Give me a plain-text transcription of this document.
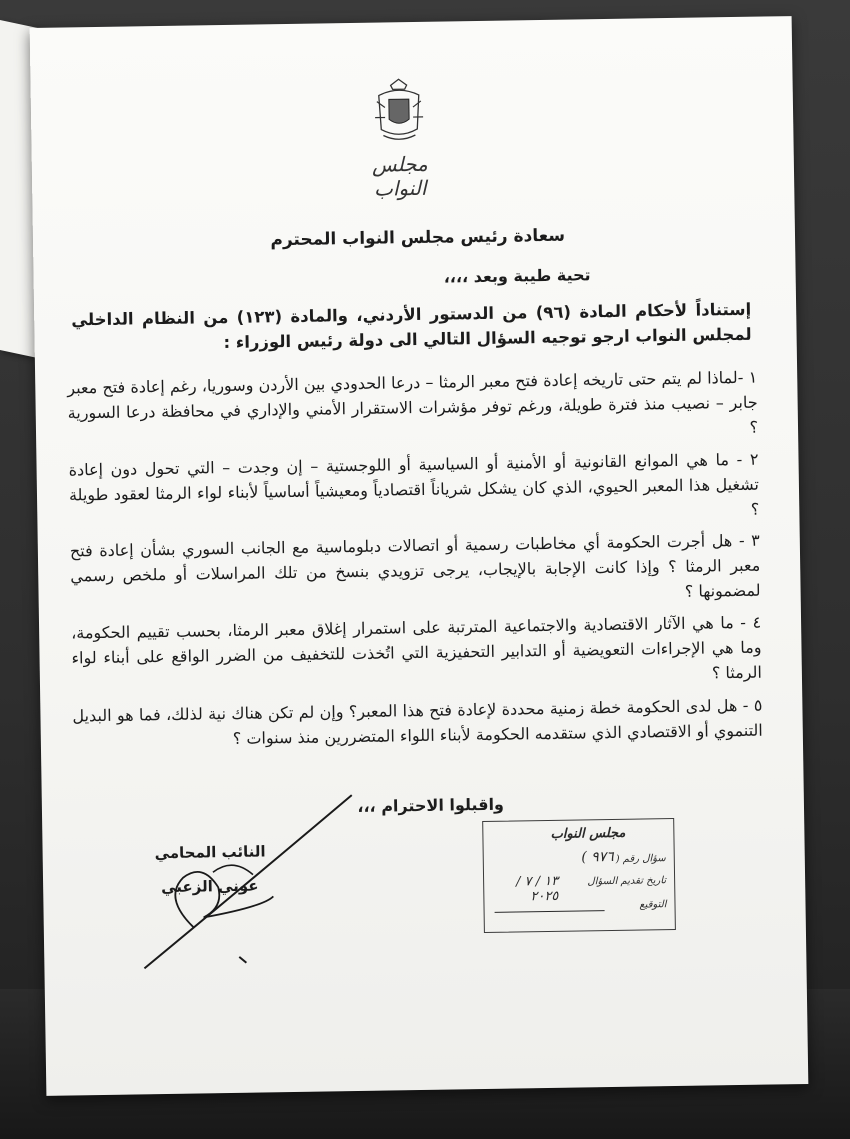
مجلس النواب
سعادة رئيس مجلس النواب المحترم
تحية طيبة وبعد ،،،،
إستناداً لأحكام المادة (٩٦) من الدستور الأردني، والمادة (١٢٣) من النظام الداخلي لمجلس النواب ارجو توجيه السؤال التالي الى دولة رئيس الوزراء :
١ -لماذا لم يتم حتى تاريخه إعادة فتح معبر الرمثا – درعا الحدودي بين الأردن وسوريا، رغم إعادة فتح معبر جابر – نصيب منذ فترة طويلة، ورغم توفر مؤشرات الاستقرار الأمني والإداري في محافظة درعا السورية ؟
٢ - ما هي الموانع القانونية أو الأمنية أو السياسية أو اللوجستية – إن وجدت – التي تحول دون إعادة تشغيل هذا المعبر الحيوي، الذي كان يشكل شرياناً اقتصادياً ومعيشياً أساسياً لأبناء لواء الرمثا لعقود طويلة ؟
٣ - هل أجرت الحكومة أي مخاطبات رسمية أو اتصالات دبلوماسية مع الجانب السوري بشأن إعادة فتح معبر الرمثا ؟ وإذا كانت الإجابة بالإيجاب، يرجى تزويدي بنسخ من تلك المراسلات أو ملخص رسمي لمضمونها ؟
٤ - ما هي الآثار الاقتصادية والاجتماعية المترتبة على استمرار إغلاق معبر الرمثا، بحسب تقييم الحكومة، وما هي الإجراءات التعويضية أو التدابير التحفيزية التي اتُخذت للتخفيف من الضرر الواقع على أبناء لواء الرمثا ؟
٥ - هل لدى الحكومة خطة زمنية محددة لإعادة فتح هذا المعبر؟ وإن لم تكن هناك نية لذلك، فما هو البديل التنموي أو الاقتصادي الذي ستقدمه الحكومة لأبناء اللواء المتضررين منذ سنوات ؟
واقبلوا الاحترام ،،،
النائب المحامي
عوني الزعبي
مجلس النواب
سؤال رقم (
٩٧٦ )
تاريخ تقديم السؤال
١٣ / ٧ / ٢٠٢٥
التوقيع
